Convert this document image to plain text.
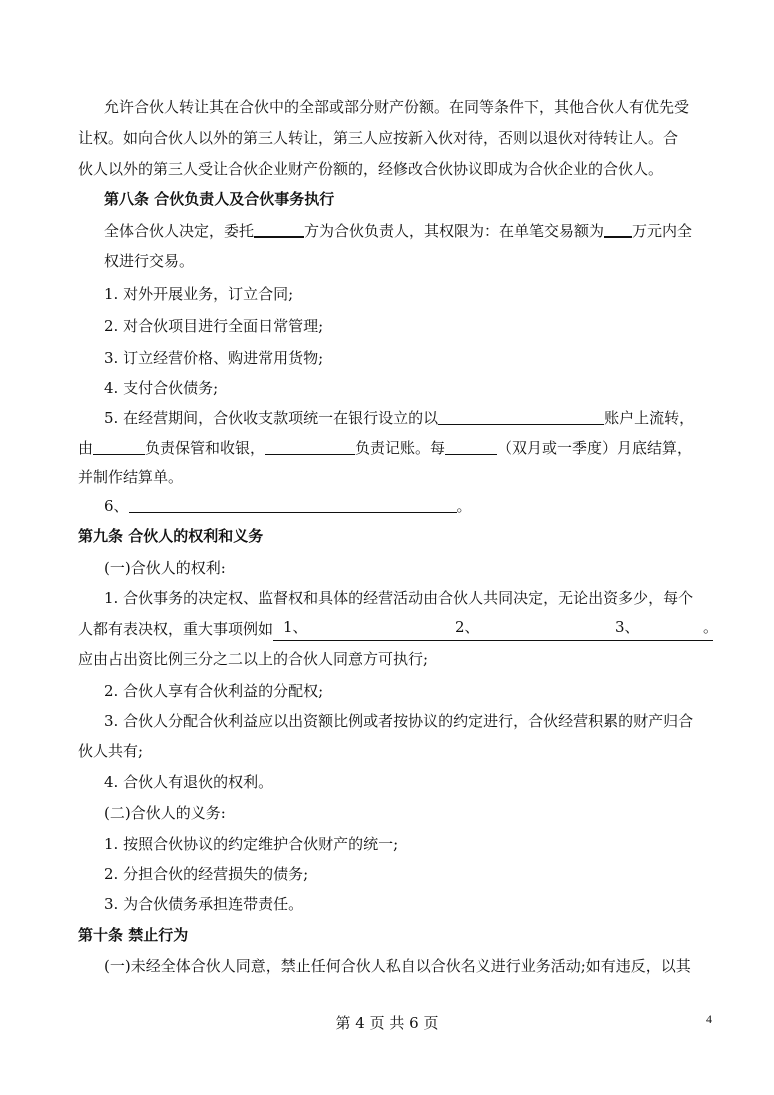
允许合伙人转让其在合伙中的全部或部分财产份额。在同等条件下，其他合伙人有优先受
让权。如向合伙人以外的第三人转让，第三人应按新入伙对待，否则以退伙对待转让人。合
伙人以外的第三人受让合伙企业财产份额的，经修改合伙协议即成为合伙企业的合伙人。
第八条 合伙负责人及合伙事务执行
全体合伙人决定，委托	方为合伙负责人，其权限为：在单笔交易额为 万元内全
权进行交易。
1. 对外开展业务，订立合同;
2. 对合伙项目进行全面日常管理;
3. 订立经营价格、购进常用货物;
4. 支付合伙债务;
5. 在经营期间，合伙收支款项统一在银行设立的以	账户上流转，
由	负责保管和收银，	负责记账。每	（双月或一季度）月底结算，
并制作结算单。
6、	。
第九条 合伙人的权利和义务
(一)合伙人的权利:
1. 合伙事务的决定权、监督权和具体的经营活动由合伙人共同决定，无论出资多少，每个
人都有表决权，重大事项例如 1、	2、	3、	。

应由占出资比例三分之二以上的合伙人同意方可执行;
2. 合伙人享有合伙利益的分配权;
3. 合伙人分配合伙利益应以出资额比例或者按协议的约定进行，合伙经营积累的财产归合
伙人共有;
4. 合伙人有退伙的权利。
(二)合伙人的义务:
1. 按照合伙协议的约定维护合伙财产的统一;
2. 分担合伙的经营损失的债务;
3. 为合伙债务承担连带责任。
第十条 禁止行为
(一)未经全体合伙人同意，禁止任何合伙人私自以合伙名义进行业务活动;如有违反，以其
第 4 页 共 6 页	4
